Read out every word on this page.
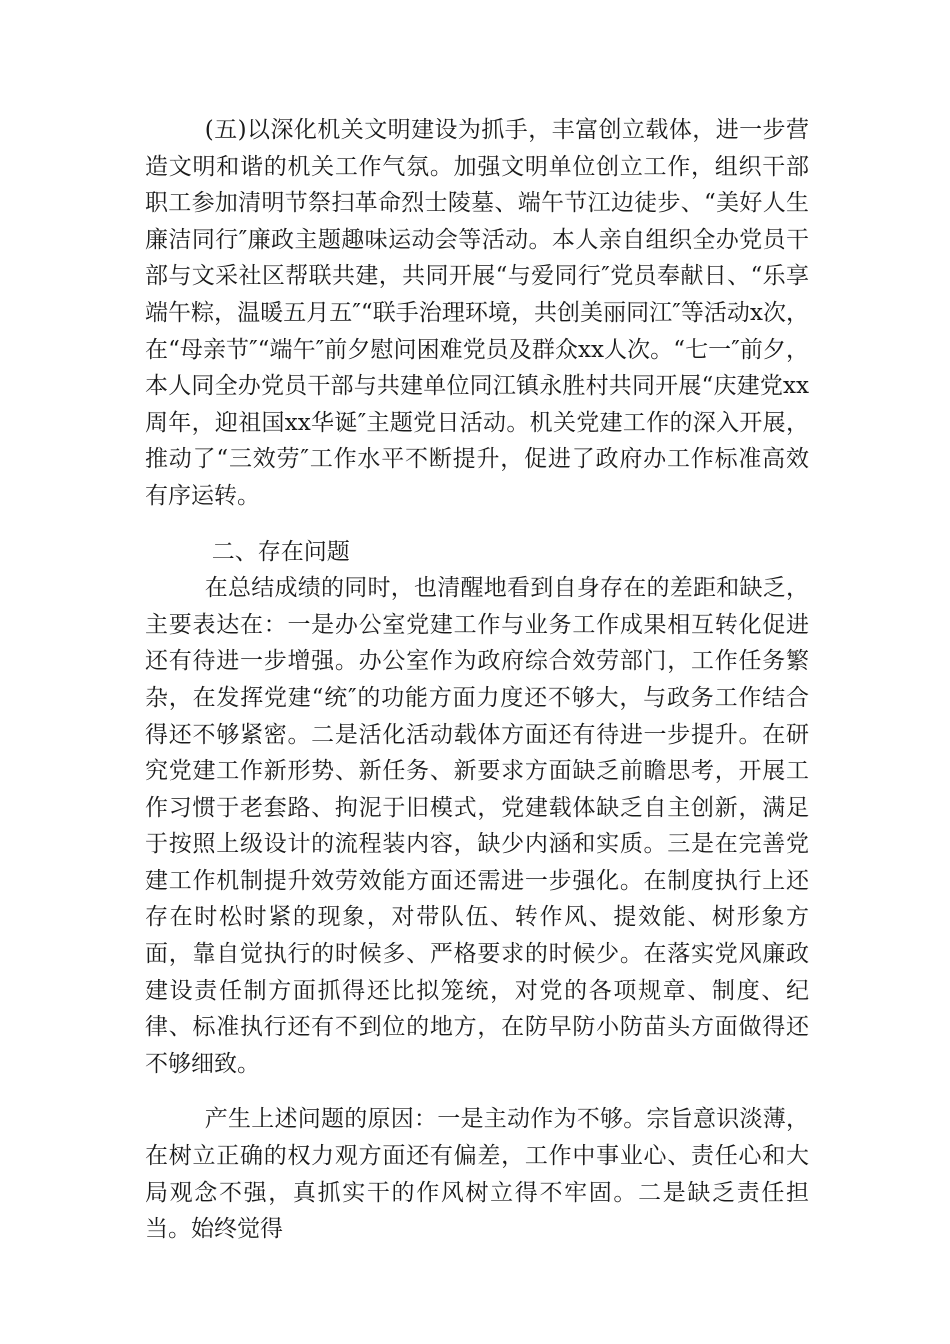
(五)以深化机关文明建设为抓手，丰富创立载体，进一步营造文明和谐的机关工作气氛。加强文明单位创立工作，组织干部职工参加清明节祭扫革命烈士陵墓、端午节江边徒步、“美好人生廉洁同行″廉政主题趣味运动会等活动。本人亲自组织全办党员干部与文采社区帮联共建，共同开展“与爱同行″党员奉献日、“乐享端午粽，温暖五月五″“联手治理环境，共创美丽同江″等活动x次，在“母亲节″“端午″前夕慰问困难党员及群众xx人次。“七一″前夕，本人同全办党员干部与共建单位同江镇永胜村共同开展“庆建党xx周年，迎祖国xx华诞″主题党日活动。机关党建工作的深入开展，推动了“三效劳″工作水平不断提升，促进了政府办工作标准高效有序运转。

二、存在问题

在总结成绩的同时，也清醒地看到自身存在的差距和缺乏，主要表达在：一是办公室党建工作与业务工作成果相互转化促进还有待进一步增强。办公室作为政府综合效劳部门，工作任务繁杂，在发挥党建“统″的功能方面力度还不够大，与政务工作结合得还不够紧密。二是活化活动载体方面还有待进一步提升。在研究党建工作新形势、新任务、新要求方面缺乏前瞻思考，开展工作习惯于老套路、拘泥于旧模式，党建载体缺乏自主创新，满足于按照上级设计的流程装内容，缺少内涵和实质。三是在完善党建工作机制提升效劳效能方面还需进一步强化。在制度执行上还存在时松时紧的现象，对带队伍、转作风、提效能、树形象方面，靠自觉执行的时候多、严格要求的时候少。在落实党风廉政建设责任制方面抓得还比拟笼统，对党的各项规章、制度、纪律、标准执行还有不到位的地方，在防早防小防苗头方面做得还不够细致。

产生上述问题的原因：一是主动作为不够。宗旨意识淡薄，在树立正确的权力观方面还有偏差，工作中事业心、责任心和大局观念不强，真抓实干的作风树立得不牢固。二是缺乏责任担当。始终觉得
